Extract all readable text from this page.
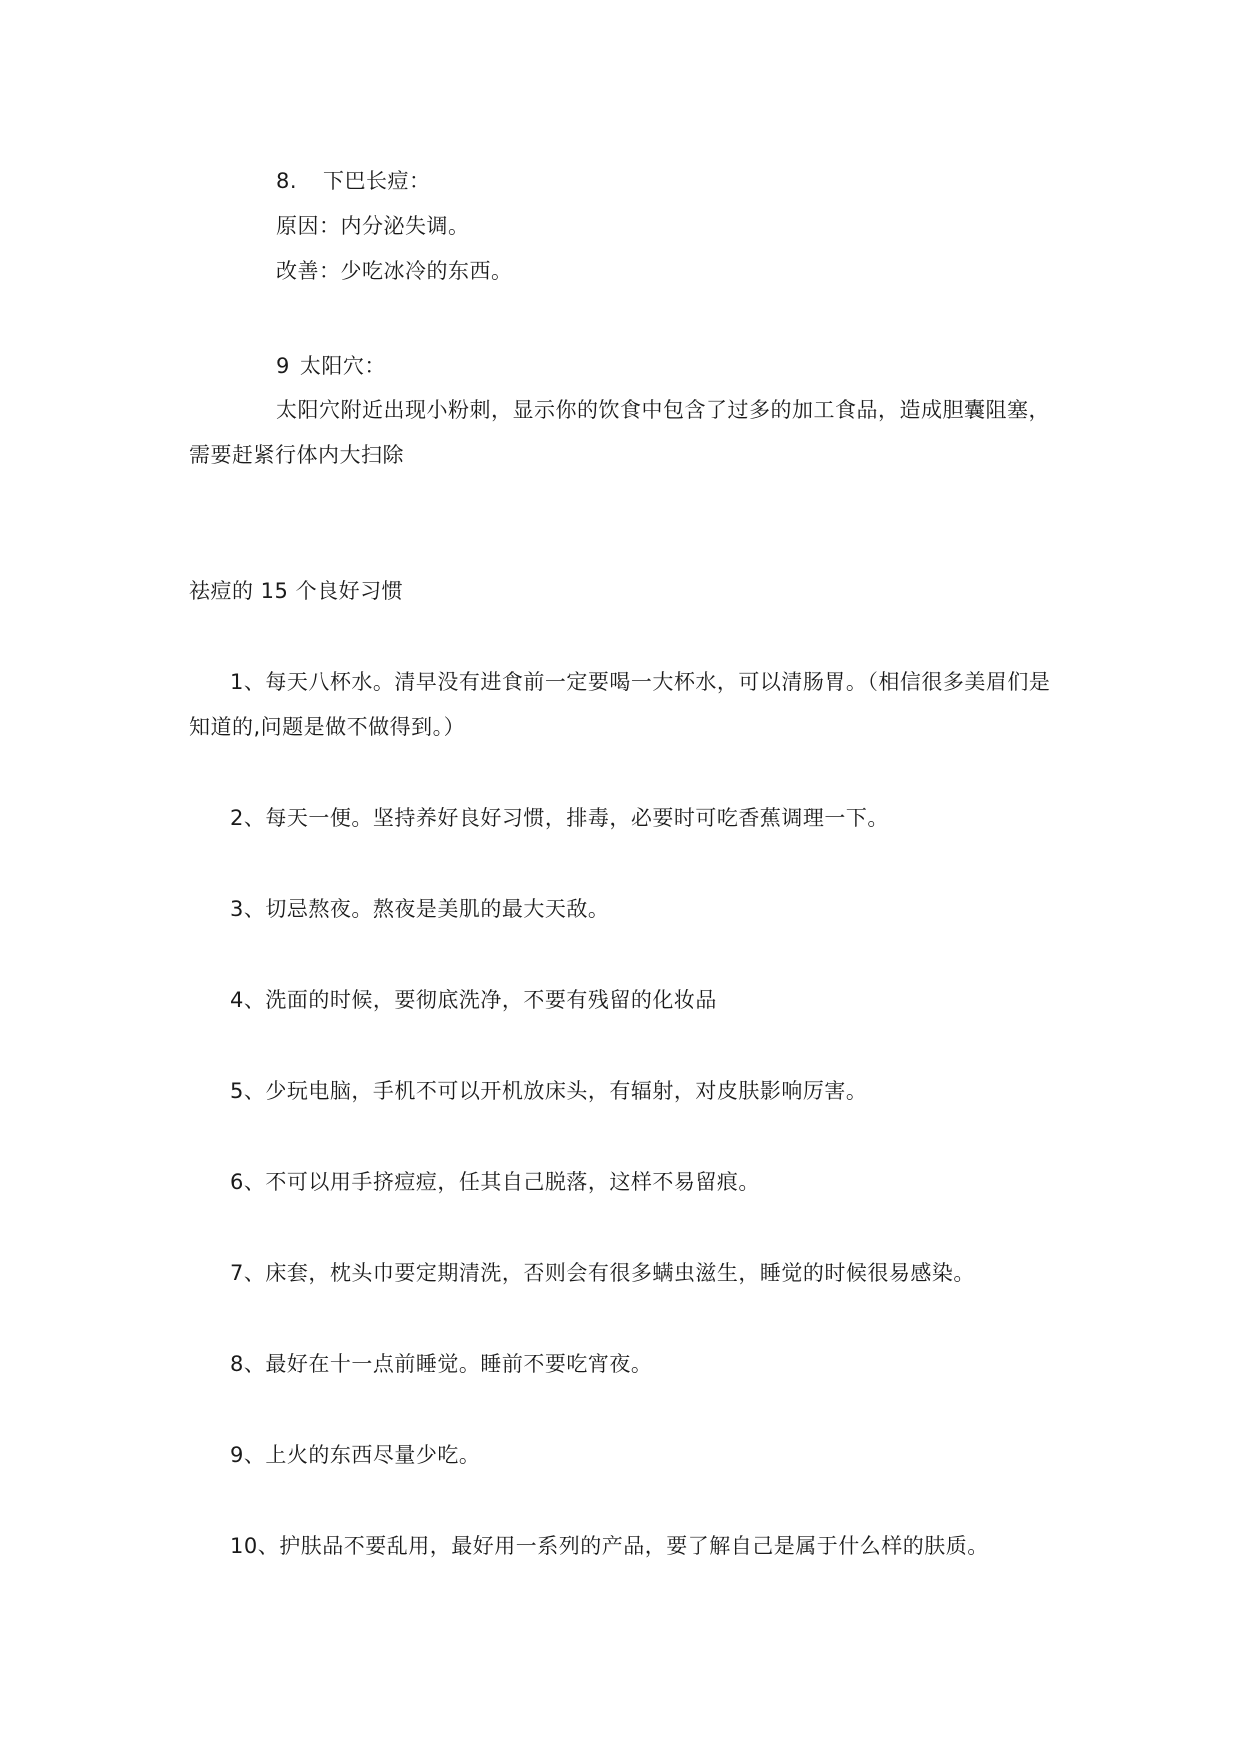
8. 下巴长痘：
原因：内分泌失调。
改善：少吃冰冷的东西。
9 太阳穴：
太阳穴附近出现小粉刺，显示你的饮食中包含了过多的加工食品，造成胆囊阻塞，
需要赶紧行体内大扫除
祛痘的 15 个良好习惯
1、每天八杯水。清早没有进食前一定要喝一大杯水，可以清肠胃。（相信很多美眉们是
知道的,问题是做不做得到。）
2、每天一便。坚持养好良好习惯，排毒，必要时可吃香蕉调理一下。
3、切忌熬夜。熬夜是美肌的最大天敌。
4、洗面的时候，要彻底洗净，不要有残留的化妆品
5、少玩电脑，手机不可以开机放床头，有辐射，对皮肤影响厉害。
6、不可以用手挤痘痘，任其自己脱落，这样不易留痕。
7、床套，枕头巾要定期清洗，否则会有很多螨虫滋生，睡觉的时候很易感染。
8、最好在十一点前睡觉。睡前不要吃宵夜。
9、上火的东西尽量少吃。
10、护肤品不要乱用，最好用一系列的产品，要了解自己是属于什么样的肤质。
